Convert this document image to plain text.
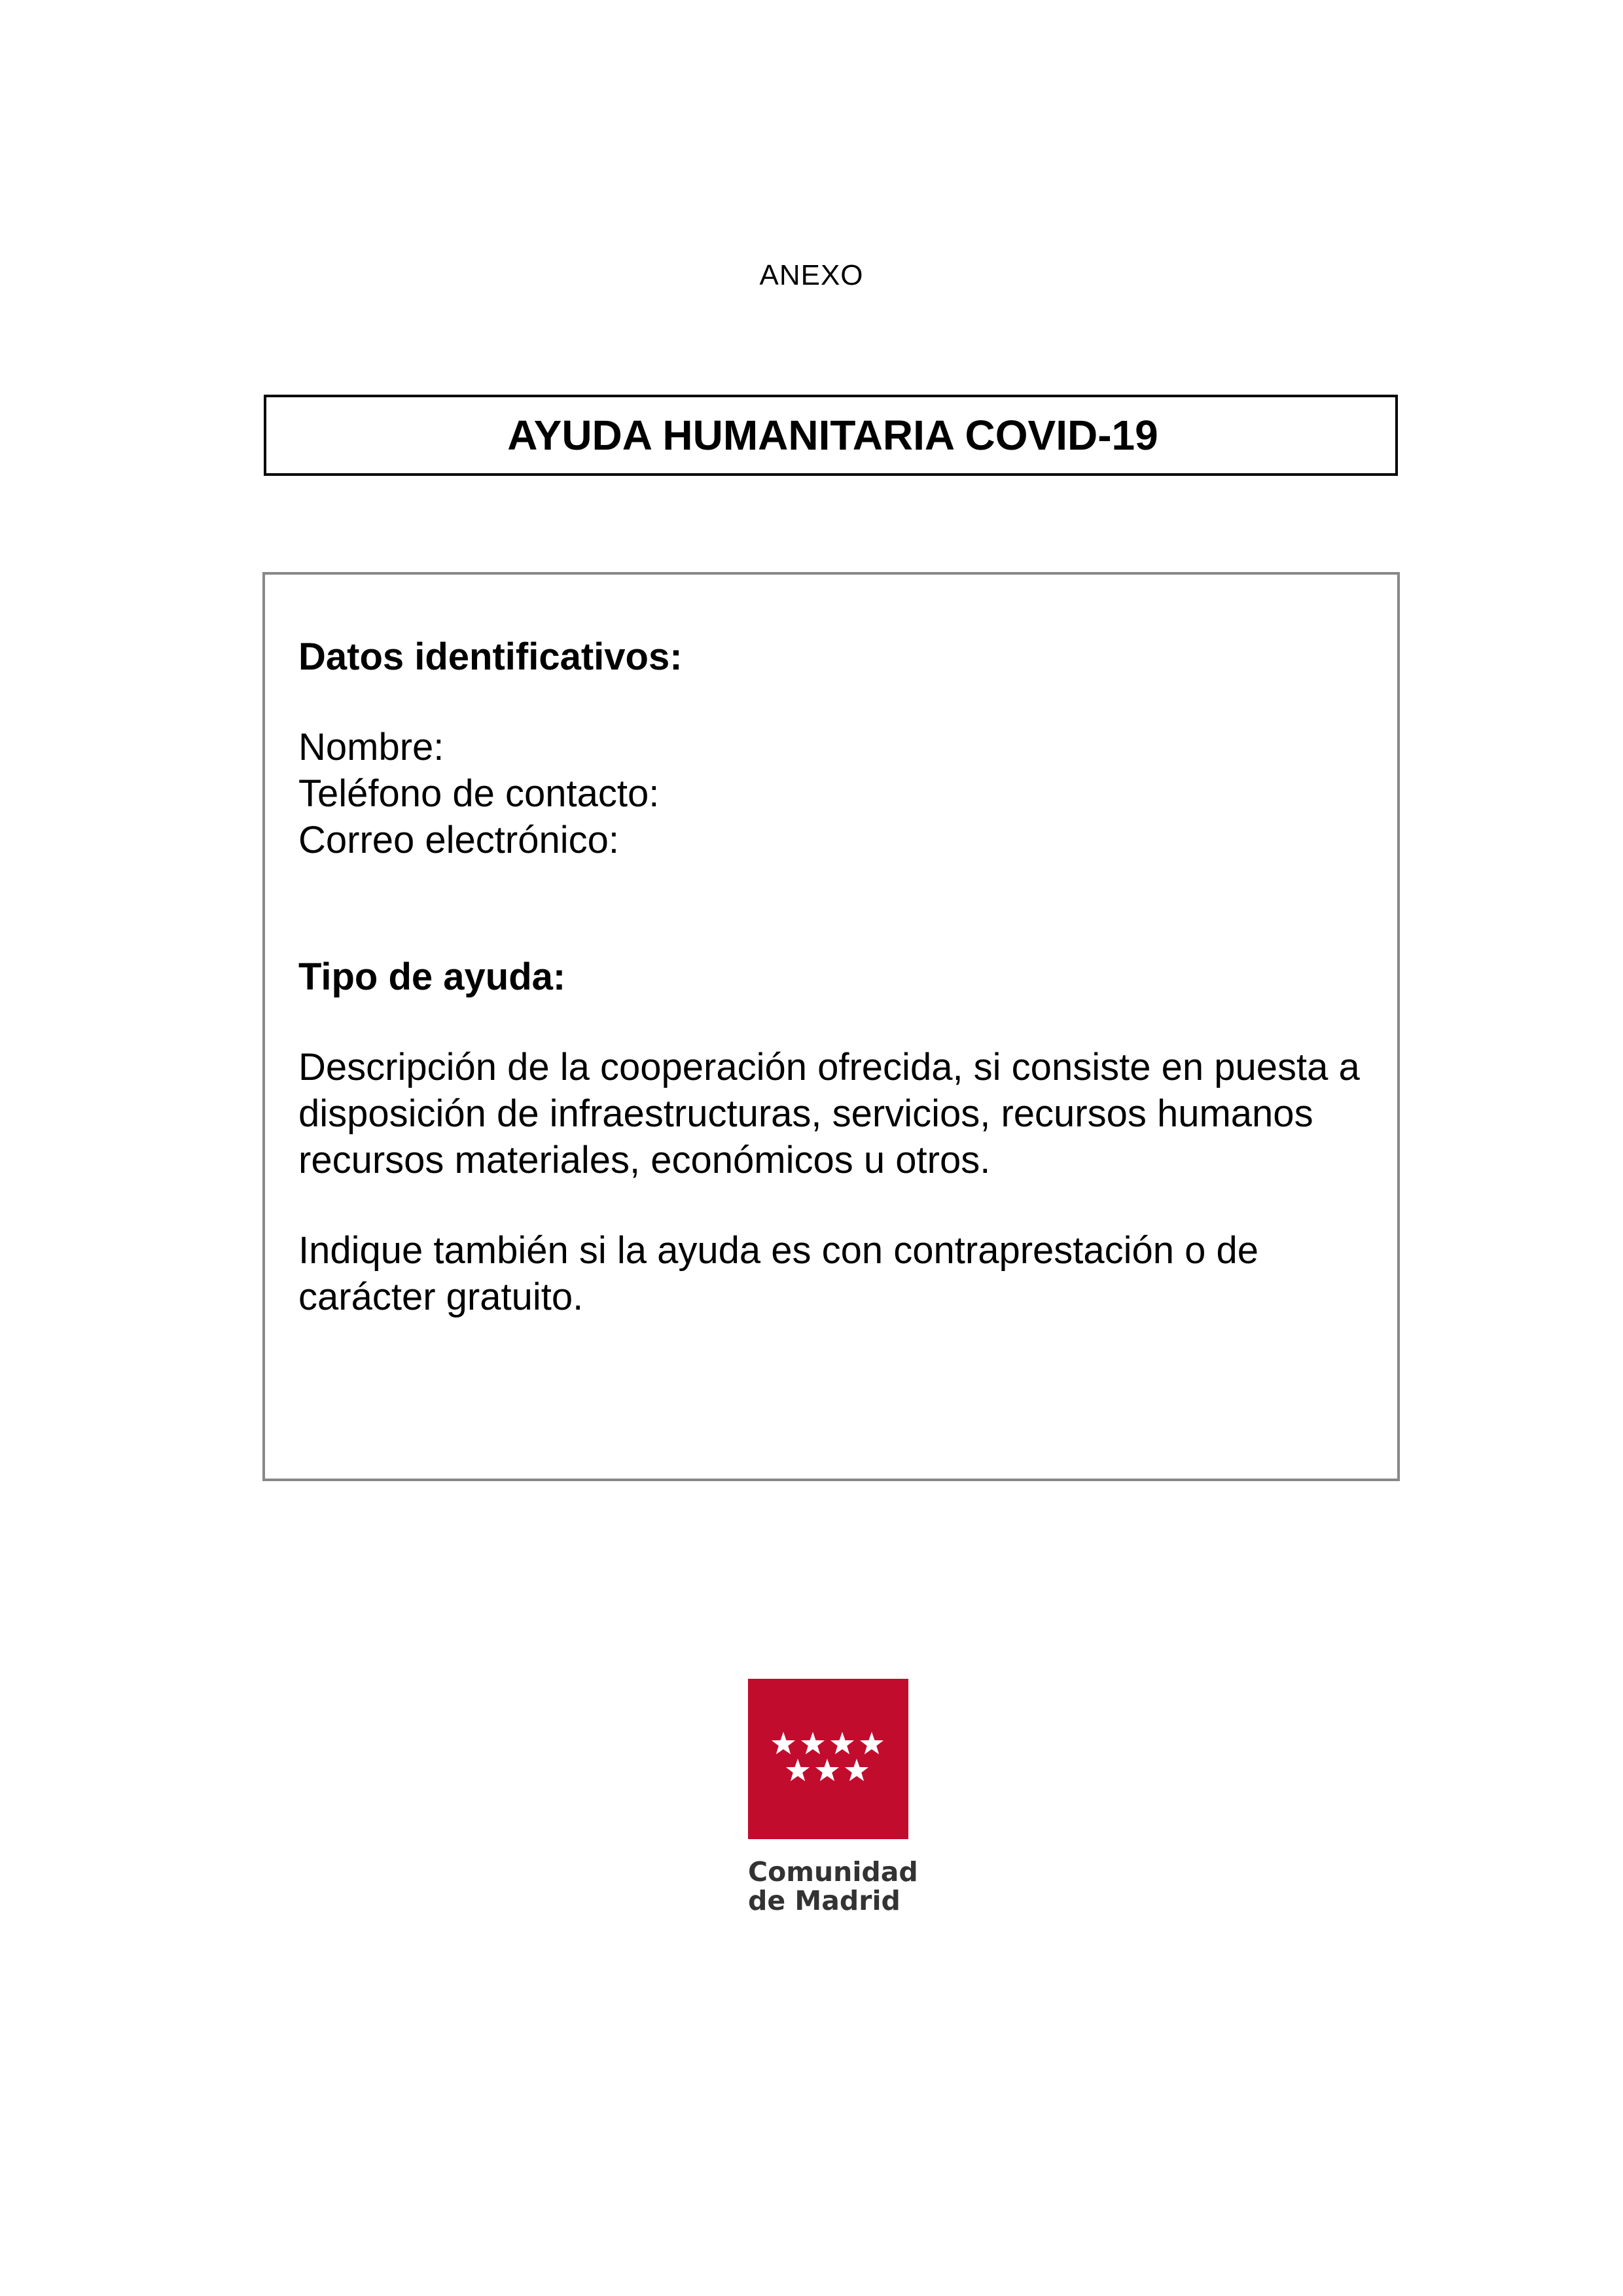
ANEXO
AYUDA HUMANITARIA COVID-19

Datos identificativos:

Nombre:

Teléfono de contacto:

Correo electrónico:

Tipo de ayuda:

Descripción de la cooperación ofrecida, si consiste en puesta a
disposición de infraestructuras, servicios, recursos humanos
recursos materiales, económicos u otros.

Indique también si la ayuda es con contraprestación o de
carácter gratuito.

Comunidad
de Madrid
